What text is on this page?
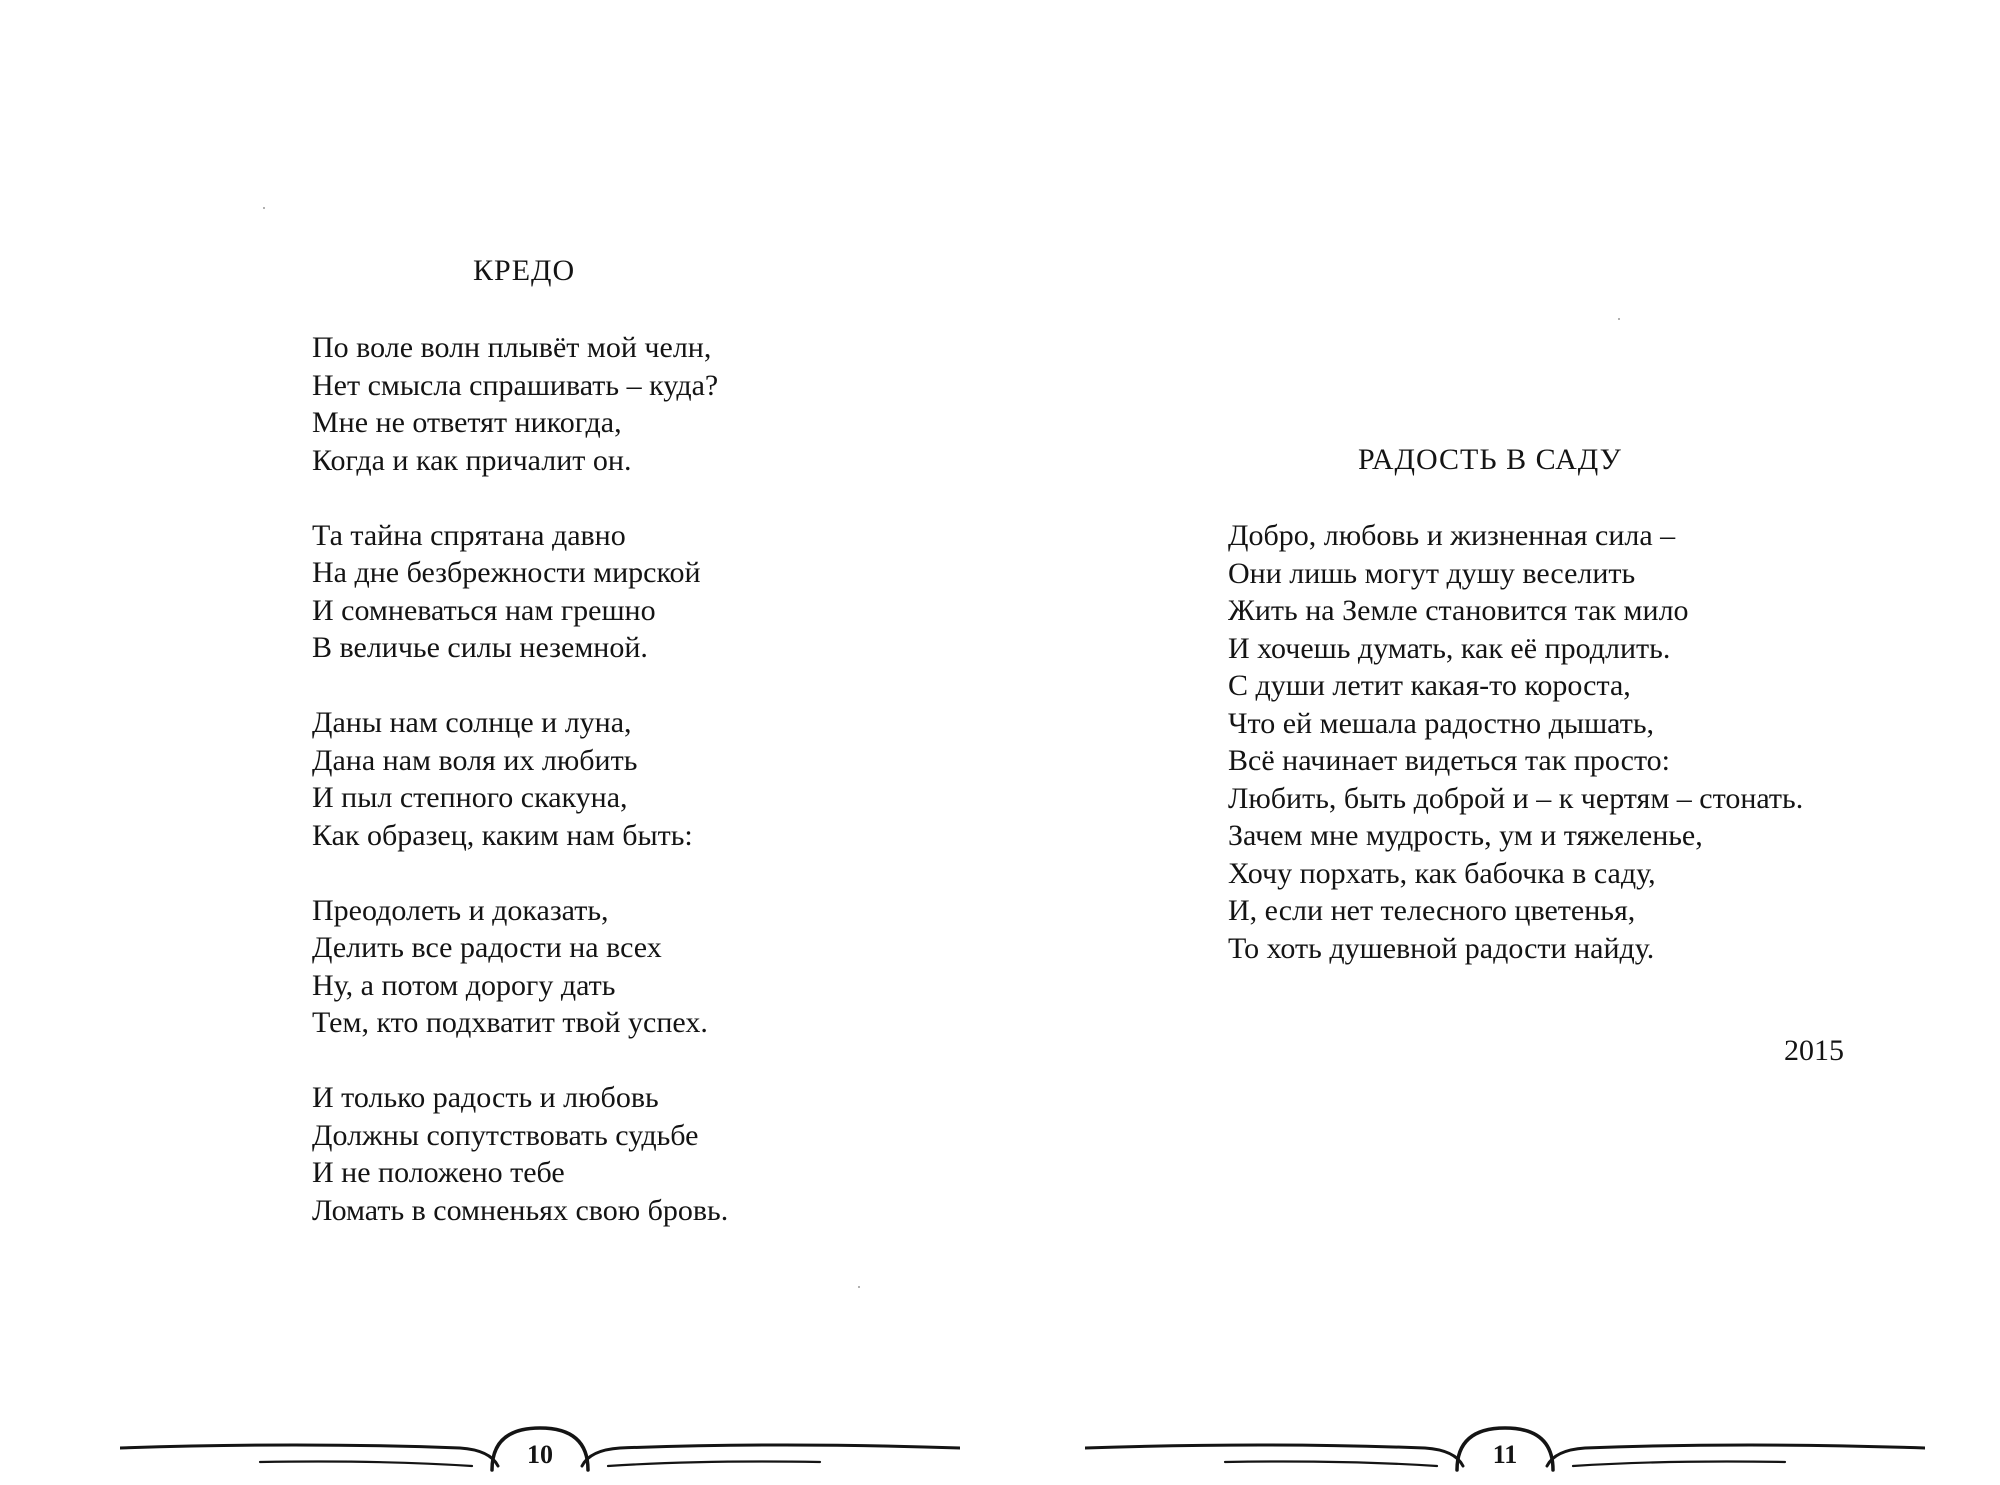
КРЕДО
По воле волн плывёт мой челн,
Нет смысла спрашивать – куда?
Мне не ответят никогда,
Когда и как причалит он.
Та тайна спрятана давно
На дне безбрежности мирской
И сомневаться нам грешно
В величье силы неземной.
Даны нам солнце и луна,
Дана нам воля их любить
И пыл степного скакуна,
Как образец, каким нам быть:
Преодолеть и доказать,
Делить все радости на всех
Ну, а потом дорогу дать
Тем, кто подхватит твой успех.
И только радость и любовь
Должны сопутствовать судьбе
И не положено тебе
Ломать в сомненьях свою бровь.
10
РАДОСТЬ В САДУ
Добро, любовь и жизненная сила –
Они лишь могут душу веселить
Жить на Земле становится так мило
И хочешь думать, как её продлить.
С души летит какая-то короста,
Что ей мешала радостно дышать,
Всё начинает видеться так просто:
Любить, быть доброй и – к чертям – стонать.
Зачем мне мудрость, ум и тяжеленье,
Хочу порхать, как бабочка в саду,
И, если нет телесного цветенья,
То хоть душевной радости найду.
2015
11
